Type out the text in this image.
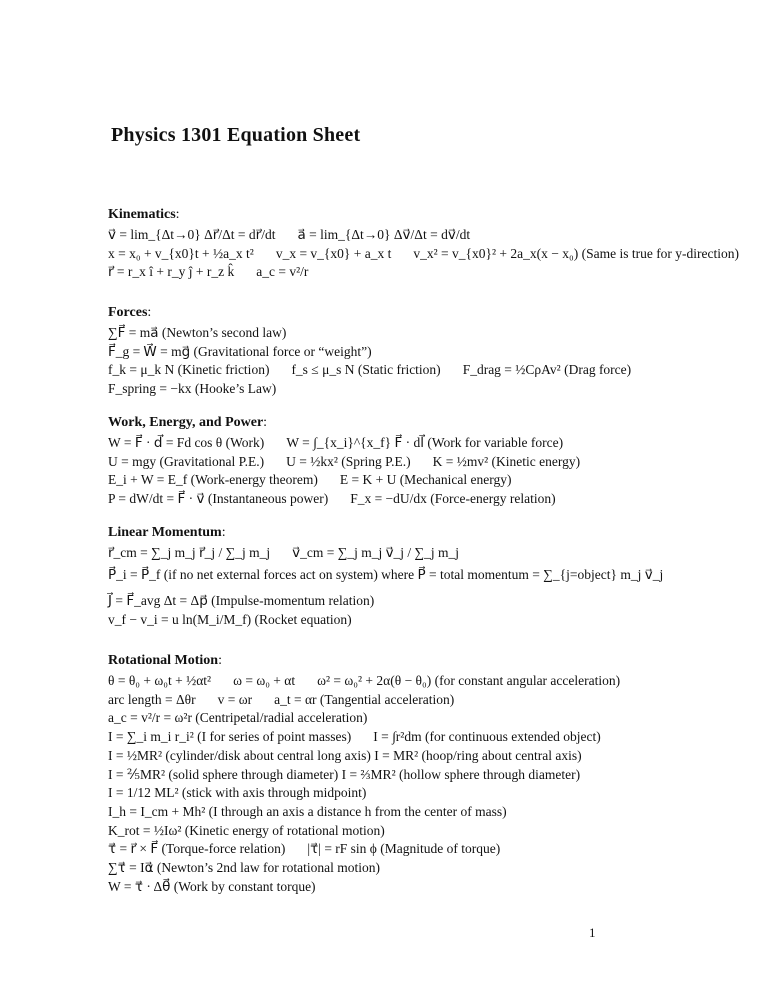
Physics 1301 Equation Sheet
Kinematics:
v⃗ = lim_{Δt→0} Δr⃗/Δt = dr⃗/dt a⃗ = lim_{Δt→0} Δv⃗/Δt = dv⃗/dt
x = x₀ + v_{x0}t + ½a_x t² v_x = v_{x0} + a_x t v_x² = v_{x0}² + 2a_x(x − x₀) (Same is true for y-direction)
r⃗ = r_x î + r_y ĵ + r_z k̂ a_c = v²/r
Forces:
∑F⃗ = ma⃗ (Newton’s second law)
F⃗_g = W⃗ = mg⃗ (Gravitational force or “weight”)
f_k = μ_k N (Kinetic friction) f_s ≤ μ_s N (Static friction) F_drag = ½CρAv² (Drag force)
F_spring = −kx (Hooke’s Law)
Work, Energy, and Power:
W = F⃗ · d⃗ = Fd cos θ (Work) W = ∫_{x_i}^{x_f} F⃗ · dl⃗ (Work for variable force)
U = mgy (Gravitational P.E.) U = ½kx² (Spring P.E.) K = ½mv² (Kinetic energy)
E_i + W = E_f (Work-energy theorem) E = K + U (Mechanical energy)
P = dW/dt = F⃗ · v⃗ (Instantaneous power) F_x = −dU/dx (Force-energy relation)
Linear Momentum:
r⃗_cm = ∑_j m_j r⃗_j / ∑_j m_j v⃗_cm = ∑_j m_j v⃗_j / ∑_j m_j
P⃗_i = P⃗_f (if no net external forces act on system) where P⃗ = total momentum = ∑_{j=object} m_j v⃗_j
J⃗ = F⃗_avg Δt = Δp⃗ (Impulse-momentum relation)
v_f − v_i = u ln(M_i/M_f) (Rocket equation)
Rotational Motion:
θ = θ₀ + ω₀t + ½αt² ω = ω₀ + αt ω² = ω₀² + 2α(θ − θ₀) (for constant angular acceleration)
arc length = Δθr v = ωr a_t = αr (Tangential acceleration)
a_c = v²/r = ω²r (Centripetal/radial acceleration)
I = ∑_i m_i r_i² (I for series of point masses) I = ∫r²dm (for continuous extended object)
I = ½MR² (cylinder/disk about central long axis) I = MR² (hoop/ring about central axis)
I = ⅖MR² (solid sphere through diameter) I = ⅔MR² (hollow sphere through diameter)
I = 1/12 ML² (stick with axis through midpoint)
I_h = I_cm + Mh² (I through an axis a distance h from the center of mass)
K_rot = ½Iω² (Kinetic energy of rotational motion)
τ⃗ = r⃗ × F⃗ (Torque-force relation) |τ⃗| = rF sin ϕ (Magnitude of torque)
∑τ⃗ = Iα⃗ (Newton’s 2nd law for rotational motion)
W = τ⃗ · Δθ⃗ (Work by constant torque)
1
